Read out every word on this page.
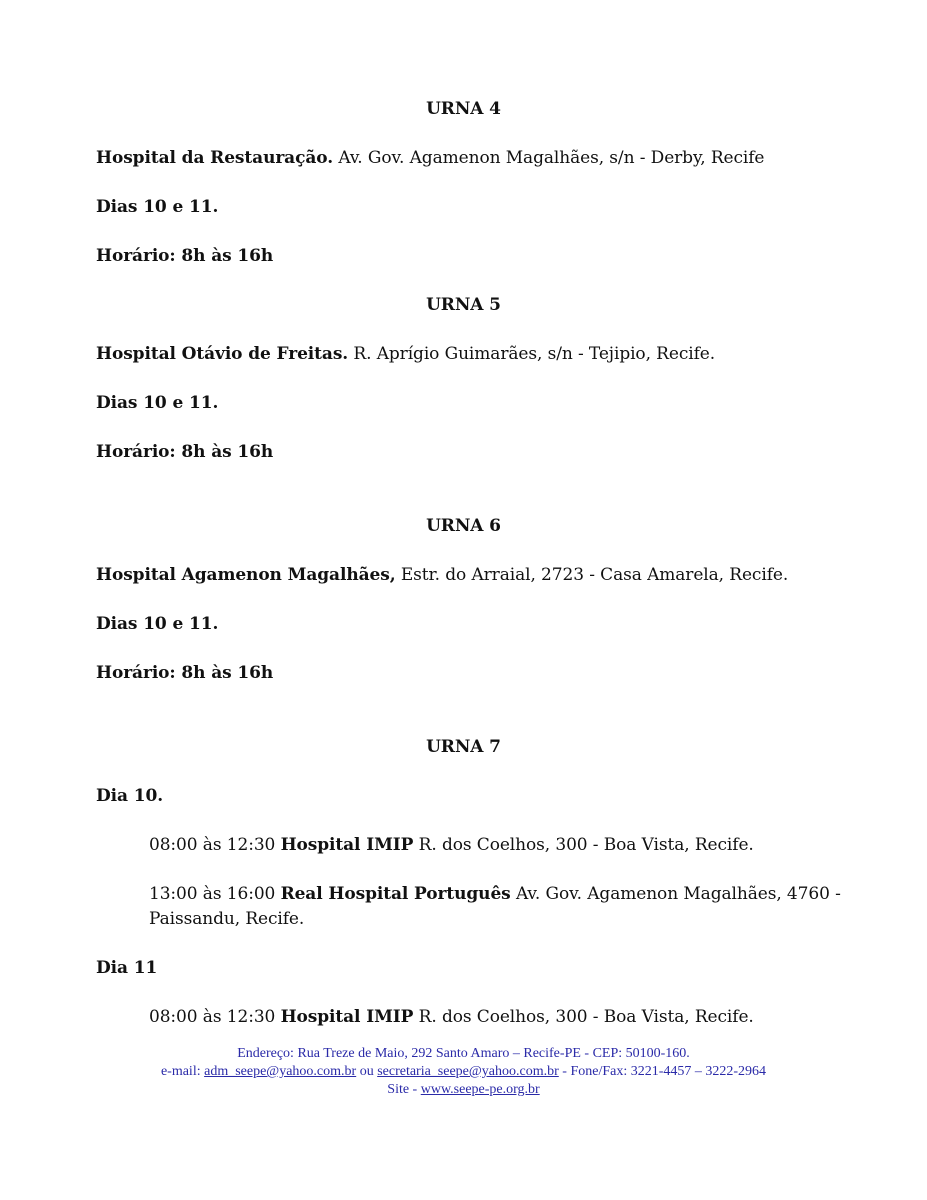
URNA 4
Hospital da Restauração. Av. Gov. Agamenon Magalhães, s/n - Derby, Recife
Dias 10 e 11.
Horário: 8h às 16h
URNA 5
Hospital Otávio de Freitas. R. Aprígio Guimarães, s/n - Tejipio, Recife.
Dias 10 e 11.
Horário: 8h às 16h
URNA 6
Hospital Agamenon Magalhães, Estr. do Arraial, 2723 - Casa Amarela, Recife.
Dias 10 e 11.
Horário: 8h às 16h
URNA 7
Dia 10.
08:00 às 12:30 Hospital IMIP R. dos Coelhos, 300 - Boa Vista, Recife.
13:00 às 16:00 Real Hospital Português Av. Gov. Agamenon Magalhães, 4760 -
Paissandu, Recife.
Dia 11
08:00 às 12:30 Hospital IMIP R. dos Coelhos, 300 - Boa Vista, Recife.
Endereço: Rua Treze de Maio, 292 Santo Amaro – Recife-PE - CEP: 50100-160.
e-mail: adm_seepe@yahoo.com.br ou secretaria_seepe@yahoo.com.br - Fone/Fax: 3221-4457 – 3222-2964
Site - www.seepe-pe.org.br
